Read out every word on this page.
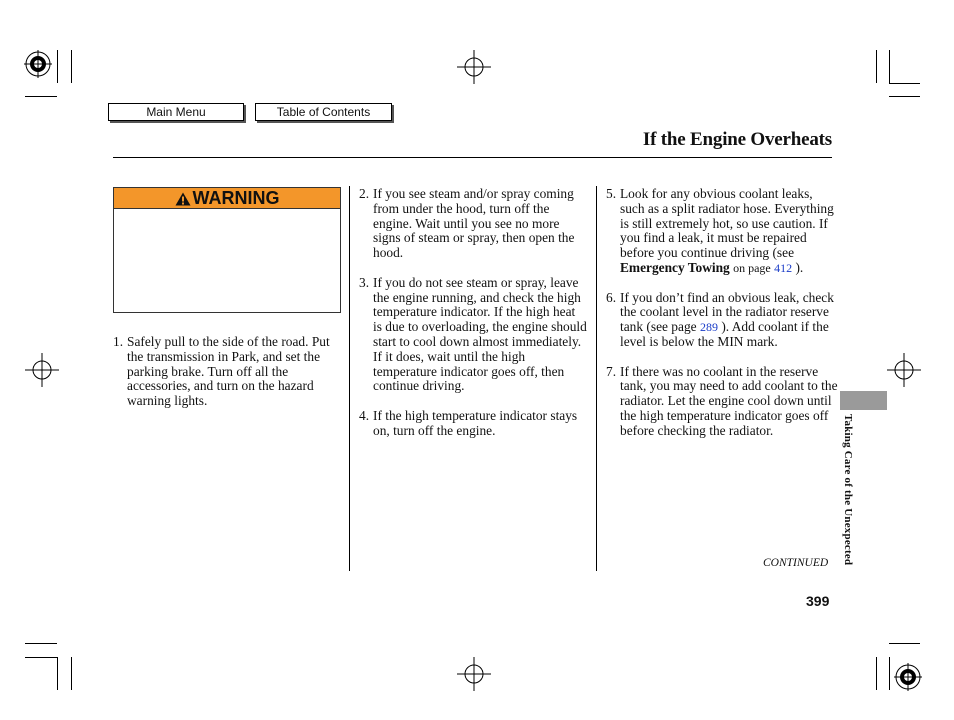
Main Menu	Table of Contents
If the Engine Overheats
WARNING

1. Safely pull to the side of the road. Put the transmission in Park, and set the parking brake. Turn off all the accessories, and turn on the hazard warning lights.

2. If you see steam and/or spray coming from under the hood, turn off the engine. Wait until you see no more signs of steam or spray, then open the hood.

3. If you do not see steam or spray, leave the engine running, and check the high temperature indicator. If the high heat is due to overloading, the engine should start to cool down almost immediately. If it does, wait until the high temperature indicator goes off, then continue driving.

4. If the high temperature indicator stays on, turn off the engine.

5. Look for any obvious coolant leaks, such as a split radiator hose. Everything is still extremely hot, so use caution. If you find a leak, it must be repaired before you continue driving (see Emergency Towing on page 412 ).

6. If you don’t find an obvious leak, check the coolant level in the radiator reserve tank (see page 289 ). Add coolant if the level is below the MIN mark.

7. If there was no coolant in the reserve tank, you may need to add coolant to the radiator. Let the engine cool down until the high temperature indicator goes off before checking the radiator.	Taking Care of the Unexpected
CONTINUED
399
